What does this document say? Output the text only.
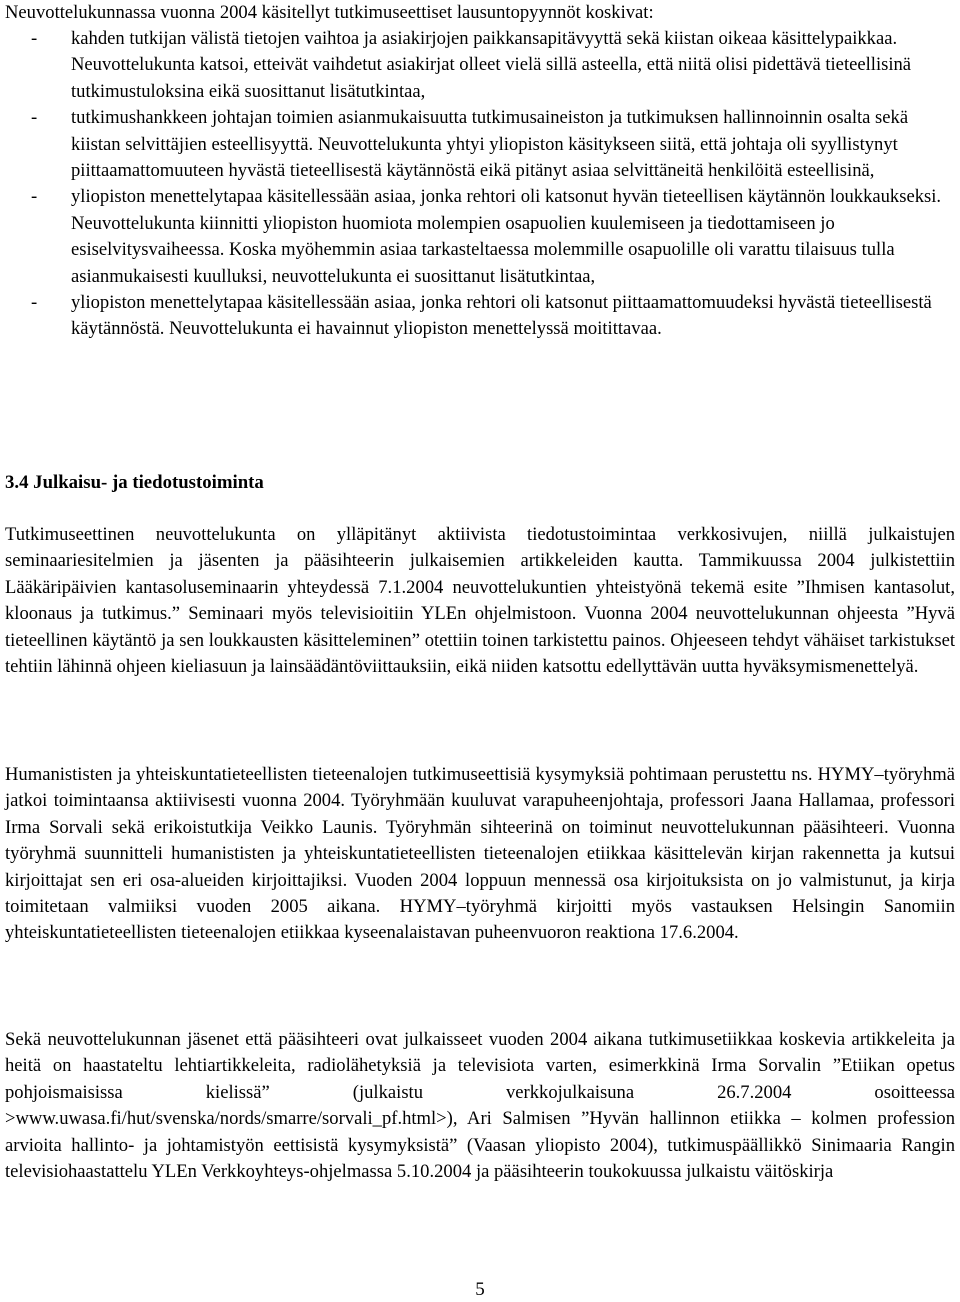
Neuvottelukunnassa vuonna 2004 käsitellyt tutkimuseettiset lausuntopyynnöt koskivat:

- kahden tutkijan välistä tietojen vaihtoa ja asiakirjojen paikkansapitävyyttä sekä kiistan oikeaa käsittelypaikkaa. Neuvottelukunta katsoi, etteivät vaihdetut asiakirjat olleet vielä sillä asteella, että niitä olisi pidettävä tieteellisinä tutkimustuloksina eikä suosittanut lisätutkintaa,
- tutkimushankkeen johtajan toimien asianmukaisuutta tutkimusaineiston ja tutkimuksen hallinnoinnin osalta sekä kiistan selvittäjien esteellisyyttä. Neuvottelukunta yhtyi yliopiston käsitykseen siitä, että johtaja oli syyllistynyt piittaamattomuuteen hyvästä tieteellisestä käytännöstä eikä pitänyt asiaa selvittäneitä henkilöitä esteellisinä,
- yliopiston menettelytapaa käsitellessään asiaa, jonka rehtori oli katsonut hyvän tieteellisen käytännön loukkaukseksi. Neuvottelukunta kiinnitti yliopiston huomiota molempien osapuolien kuulemiseen ja tiedottamiseen jo esiselvitysvaiheessa. Koska myöhemmin asiaa tarkasteltaessa molemmille osapuolille oli varattu tilaisuus tulla asianmukaisesti kuulluksi, neuvottelukunta ei suosittanut lisätutkintaa,
- yliopiston menettelytapaa käsitellessään asiaa, jonka rehtori oli katsonut piittaamattomuudeksi hyvästä tieteellisestä käytännöstä. Neuvottelukunta ei havainnut yliopiston menettelyssä moitittavaa.
3.4 Julkaisu- ja tiedotustoiminta

Tutkimuseettinen neuvottelukunta on ylläpitänyt aktiivista tiedotustoimintaa verkkosivujen, niillä julkaistujen seminaariesitelmien ja jäsenten ja pääsihteerin julkaisemien artikkeleiden kautta. Tammikuussa 2004 julkistettiin Lääkäripäivien kantasoluseminaarin yhteydessä 7.1.2004 neuvottelukuntien yhteistyönä tekemä esite ”Ihmisen kantasolut, kloonaus ja tutkimus.” Seminaari myös televisioitiin YLEn ohjelmistoon. Vuonna 2004 neuvottelukunnan ohjeesta ”Hyvä tieteellinen käytäntö ja sen loukkausten käsitteleminen” otettiin toinen tarkistettu painos. Ohjeeseen tehdyt vähäiset tarkistukset tehtiin lähinnä ohjeen kieliasuun ja lainsäädäntöviittauksiin, eikä niiden katsottu edellyttävän uutta hyväksymismenettelyä.

Humanististen ja yhteiskuntatieteellisten tieteenalojen tutkimuseettisiä kysymyksiä pohtimaan perustettu ns. HYMY–työryhmä jatkoi toimintaansa aktiivisesti vuonna 2004. Työryhmään kuuluvat varapuheenjohtaja, professori Jaana Hallamaa, professori Irma Sorvali sekä erikoistutkija Veikko Launis. Työryhmän sihteerinä on toiminut neuvottelukunnan pääsihteeri. Vuonna työryhmä suunnitteli humanististen ja yhteiskuntatieteellisten tieteenalojen etiikkaa käsittelevän kirjan rakennetta ja kutsui kirjoittajat sen eri osa-alueiden kirjoittajiksi. Vuoden 2004 loppuun mennessä osa kirjoituksista on jo valmistunut, ja kirja toimitetaan valmiiksi vuoden 2005 aikana. HYMY–työryhmä kirjoitti myös vastauksen Helsingin Sanomiin yhteiskuntatieteellisten tieteenalojen etiikkaa kyseenalaistavan puheenvuoron reaktiona 17.6.2004.

Sekä neuvottelukunnan jäsenet että pääsihteeri ovat julkaisseet vuoden 2004 aikana tutkimusetiikkaa koskevia artikkeleita ja heitä on haastateltu lehtiartikkeleita, radiolähetyksiä ja televisiota varten, esimerkkinä Irma Sorvalin ”Etiikan opetus pohjoismaisissa kielissä” (julkaistu verkkojulkaisuna 26.7.2004 osoitteessa >www.uwasa.fi/hut/svenska/nords/smarre/sorvali_pf.html>), Ari Salmisen ”Hyvän hallinnon etiikka – kolmen profession arvioita hallinto- ja johtamistyön eettisistä kysymyksistä” (Vaasan yliopisto 2004), tutkimuspäällikkö Sinimaaria Rangin televisiohaastattelu YLEn Verkkoyhteys-ohjelmassa 5.10.2004 ja pääsihteerin toukokuussa julkaistu väitöskirja

5
